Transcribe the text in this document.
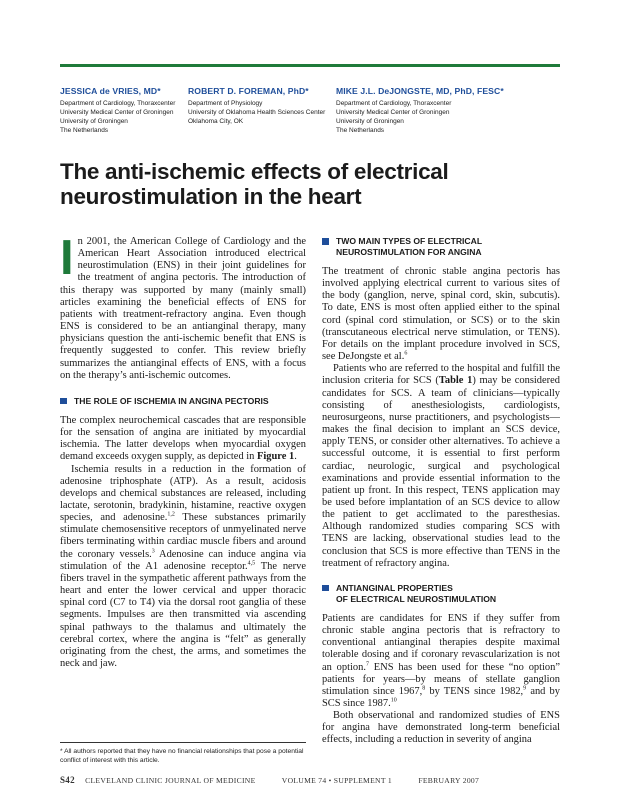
JESSICA de VRIES, MD*
Department of Cardiology, Thoraxcenter
University Medical Center of Groningen
University of Groningen
The Netherlands
ROBERT D. FOREMAN, PhD*
Department of Physiology
University of Oklahoma Health Sciences Center
Oklahoma City, OK
MIKE J.L. DeJONGSTE, MD, PhD, FESC*
Department of Cardiology, Thoraxcenter
University Medical Center of Groningen
University of Groningen
The Netherlands
The anti-ischemic effects of electrical neurostimulation in the heart

In 2001, the American College of Cardiology and the American Heart Association introduced electrical neurostimulation (ENS) in their joint guidelines for the treatment of angina pectoris. The introduction of this therapy was supported by many (mainly small) articles examining the beneficial effects of ENS for patients with treatment-refractory angina. Even though ENS is considered to be an antianginal therapy, many physicians question the anti-ischemic benefit that ENS is frequently suggested to confer. This review briefly summarizes the antianginal effects of ENS, with a focus on the therapy’s anti-ischemic outcomes.

THE ROLE OF ISCHEMIA IN ANGINA PECTORIS

The complex neurochemical cascades that are responsible for the sensation of angina are initiated by myocardial ischemia. The latter develops when myocardial oxygen demand exceeds oxygen supply, as depicted in Figure 1.

Ischemia results in a reduction in the formation of adenosine triphosphate (ATP). As a result, acidosis develops and chemical substances are released, including lactate, serotonin, bradykinin, histamine, reactive oxygen species, and adenosine.$^{1,2}$ These substances primarily stimulate chemosensitive receptors of unmyelinated nerve fibers terminating within cardiac muscle fibers and around the coronary vessels.$^3$ Adenosine can induce angina via stimulation of the A1 adenosine receptor.$^{4,5}$ The nerve fibers travel in the sympathetic afferent pathways from the heart and enter the lower cervical and upper thoracic spinal cord (C7 to T4) via the dorsal root ganglia of these segments. Impulses are then transmitted via ascending spinal pathways to the thalamus and ultimately the cerebral cortex, where the angina is “felt” as generally originating from the chest, the arms, and sometimes the neck and jaw.

TWO MAIN TYPES OF ELECTRICAL
NEUROSTIMULATION FOR ANGINA

The treatment of chronic stable angina pectoris has involved applying electrical current to various sites of the body (ganglion, nerve, spinal cord, skin, subcutis). To date, ENS is most often applied either to the spinal cord (spinal cord stimulation, or SCS) or to the skin (transcutaneous electrical nerve stimulation, or TENS). For details on the implant procedure involved in SCS, see DeJongste et al.$^6$

Patients who are referred to the hospital and fulfill the inclusion criteria for SCS (Table 1) may be considered candidates for SCS. A team of clinicians—typically consisting of anesthesiologists, cardiologists, neurosurgeons, nurse practitioners, and psychologists—makes the final decision to implant an SCS device, apply TENS, or consider other alternatives. To achieve a successful outcome, it is essential to first perform cardiac, neurologic, surgical and psychological examinations and provide essential information to the patient up front. In this respect, TENS application may be used before implantation of an SCS device to allow the patient to get acclimated to the paresthesias. Although randomized studies comparing SCS with TENS are lacking, observational studies lead to the conclusion that SCS is more effective than TENS in the treatment of refractory angina.

ANTIANGINAL PROPERTIES
OF ELECTRICAL NEUROSTIMULATION

Patients are candidates for ENS if they suffer from chronic stable angina pectoris that is refractory to conventional antianginal therapies despite maximal tolerable dosing and if coronary revascularization is not an option.$^7$ ENS has been used for these “no option” patients for years—by means of stellate ganglion stimulation since 1967,$^8$ by TENS since 1982,$^9$ and by SCS since 1987.10

Both observational and randomized studies of ENS for angina have demonstrated long-term beneficial effects, including a reduction in severity of angina

* All authors reported that they have no financial relationships that pose a potential conflict of interest with this article.
S42 CLEVELAND CLINIC JOURNAL OF MEDICINE	VOLUME 74 • SUPPLEMENT 1	FEBRUARY 2007
